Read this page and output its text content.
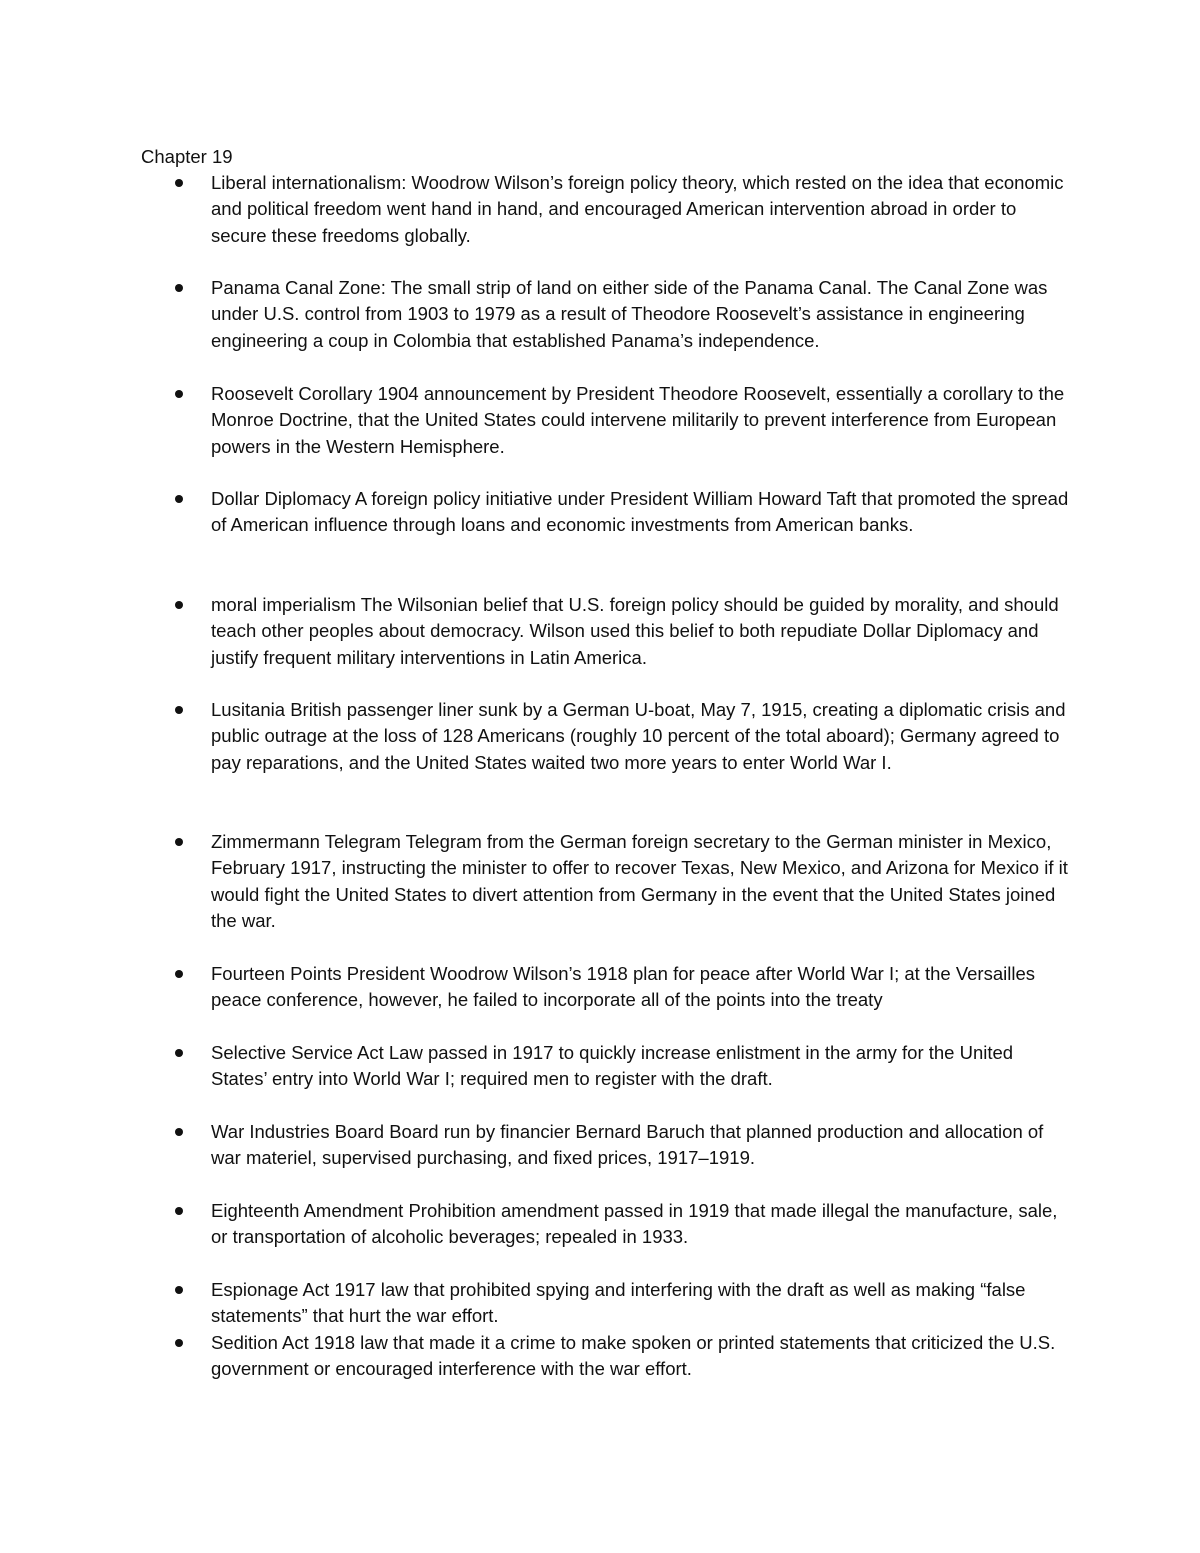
Chapter 19

Liberal internationalism: Woodrow Wilson’s foreign policy theory, which rested on the idea that economic and political freedom went hand in hand, and encouraged American intervention abroad in order to secure these freedoms globally.

Panama Canal Zone: The small strip of land on either side of the Panama Canal. The Canal Zone was under U.S. control from 1903 to 1979 as a result of Theodore Roosevelt’s assistance in engineering engineering a coup in Colombia that established Panama’s independence.

Roosevelt Corollary 1904 announcement by President Theodore Roosevelt, essentially a corollary to the Monroe Doctrine, that the United States could intervene militarily to prevent interference from European powers in the Western Hemisphere.

Dollar Diplomacy A foreign policy initiative under President William Howard Taft that promoted the spread of American influence through loans and economic investments from American banks.

moral imperialism The Wilsonian belief that U.S. foreign policy should be guided by morality, and should teach other peoples about democracy. Wilson used this belief to both repudiate Dollar Diplomacy and justify frequent military interventions in Latin America.

Lusitania British passenger liner sunk by a German U-boat, May 7, 1915, creating a diplomatic crisis and public outrage at the loss of 128 Americans (roughly 10 percent of the total aboard); Germany agreed to pay reparations, and the United States waited two more years to enter World War I.

Zimmermann Telegram Telegram from the German foreign secretary to the German minister in Mexico, February 1917, instructing the minister to offer to recover Texas, New Mexico, and Arizona for Mexico if it would fight the United States to divert attention from Germany in the event that the United States joined the war.

Fourteen Points President Woodrow Wilson’s 1918 plan for peace after World War I; at the Versailles peace conference, however, he failed to incorporate all of the points into the treaty

Selective Service Act Law passed in 1917 to quickly increase enlistment in the army for the United States’ entry into World War I; required men to register with the draft.

War Industries Board Board run by financier Bernard Baruch that planned production and allocation of war materiel, supervised purchasing, and fixed prices, 1917–1919.

Eighteenth Amendment Prohibition amendment passed in 1919 that made illegal the manufacture, sale, or transportation of alcoholic beverages; repealed in 1933.

Espionage Act 1917 law that prohibited spying and interfering with the draft as well as making “false statements” that hurt the war effort.

Sedition Act 1918 law that made it a crime to make spoken or printed statements that criticized the U.S. government or encouraged interference with the war effort.
